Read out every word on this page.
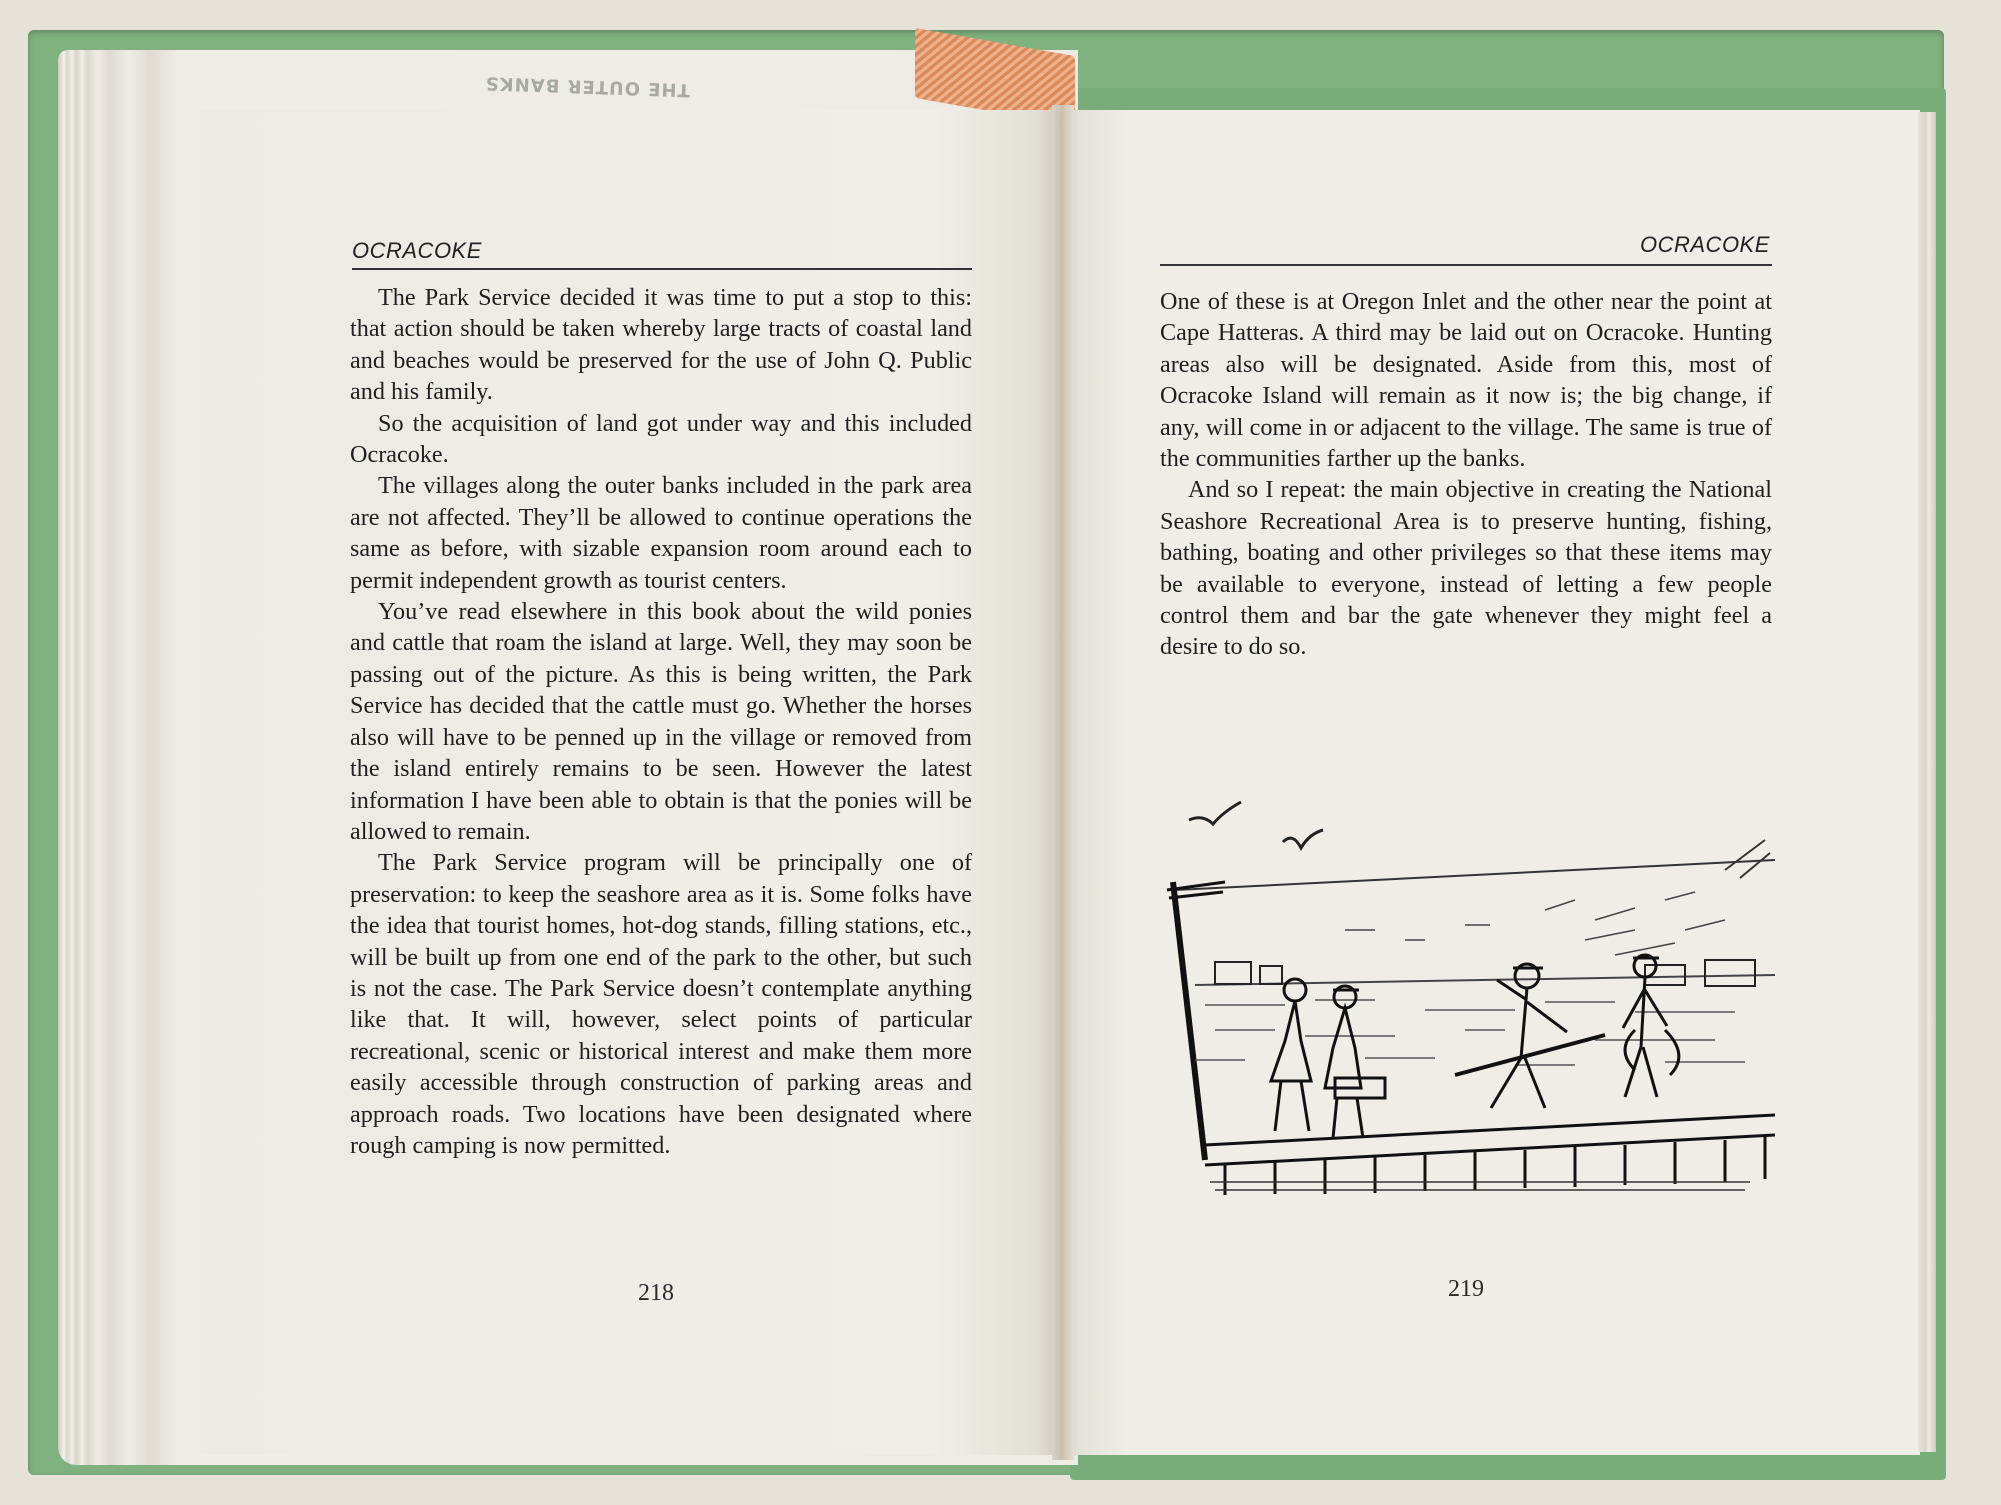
THE OUTER BANKS
OCRACOKE

The Park Service decided it was time to put a stop to this: that action should be taken whereby large tracts of coastal land and beaches would be preserved for the use of John Q. Public and his family.

So the acquisition of land got under way and this included Ocracoke.

The villages along the outer banks included in the park area are not affected. They’ll be allowed to continue operations the same as before, with sizable expansion room around each to permit independent growth as tourist centers.

You’ve read elsewhere in this book about the wild ponies and cattle that roam the island at large. Well, they may soon be passing out of the picture. As this is being written, the Park Service has decided that the cattle must go. Whether the horses also will have to be penned up in the village or removed from the island entirely remains to be seen. However the latest information I have been able to obtain is that the ponies will be allowed to remain.

The Park Service program will be principally one of preservation: to keep the seashore area as it is. Some folks have the idea that tourist homes, hot-dog stands, filling stations, etc., will be built up from one end of the park to the other, but such is not the case. The Park Service doesn’t contemplate anything like that. It will, however, select points of particular recreational, scenic or historical interest and make them more easily accessible through construction of parking areas and approach roads. Two locations have been designated where rough camping is now permitted.

218
OCRACOKE

One of these is at Oregon Inlet and the other near the point at Cape Hatteras. A third may be laid out on Ocracoke. Hunting areas also will be designated. Aside from this, most of Ocracoke Island will remain as it now is; the big change, if any, will come in or adjacent to the village. The same is true of the communities farther up the banks.

And so I repeat: the main objective in creating the National Seashore Recreational Area is to preserve hunting, fishing, bathing, boating and other privileges so that these items may be available to everyone, instead of letting a few people control them and bar the gate whenever they might feel a desire to do so.

219
